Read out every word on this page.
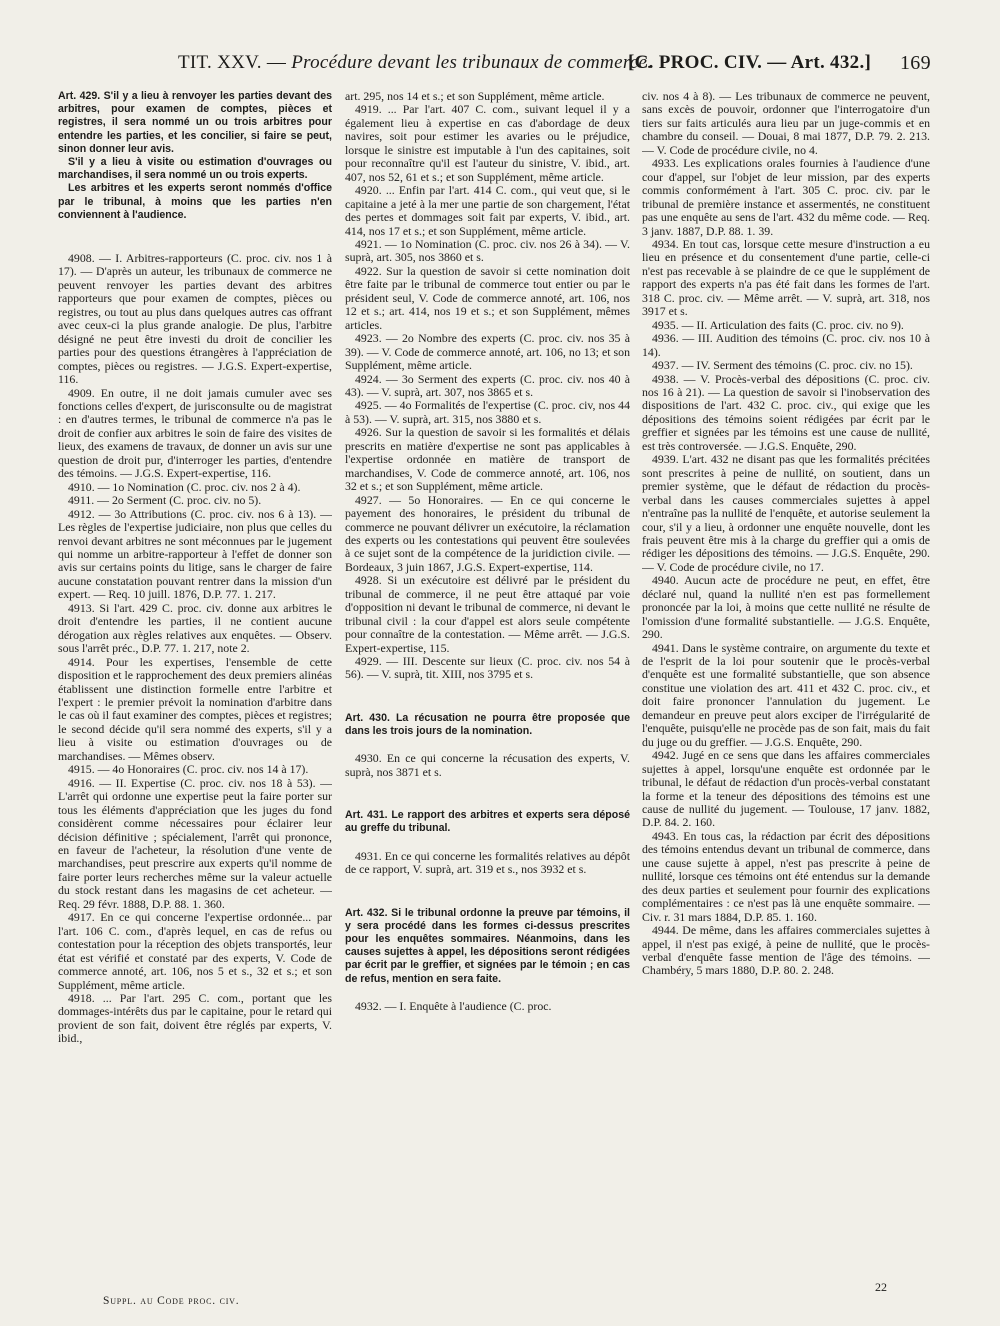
TIT. XXV. — Procédure devant les tribunaux de commerce.
[C. PROC. CIV. — Art. 432.] 169

Art. 429. S'il y a lieu à renvoyer les parties devant des arbitres, pour examen de comptes, pièces et registres, il sera nommé un ou trois arbitres pour entendre les parties, et les concilier, si faire se peut, sinon donner leur avis.

S'il y a lieu à visite ou estimation d'ouvrages ou marchandises, il sera nommé un ou trois experts.

Les arbitres et les experts seront nommés d'office par le tribunal, à moins que les parties n'en conviennent à l'audience.

4908. — I. Arbitres-rapporteurs (C. proc. civ. nos 1 à 17). — D'après un auteur, les tribunaux de commerce ne peuvent renvoyer les parties devant des arbitres rapporteurs que pour examen de comptes, pièces ou registres, ou tout au plus dans quelques autres cas offrant avec ceux-ci la plus grande analogie. De plus, l'arbitre désigné ne peut être investi du droit de concilier les parties pour des questions étrangères à l'appréciation de comptes, pièces ou registres. — J.G.S. Expert-expertise, 116.

4909. En outre, il ne doit jamais cumuler avec ses fonctions celles d'expert, de jurisconsulte ou de magistrat : en d'autres termes, le tribunal de commerce n'a pas le droit de confier aux arbitres le soin de faire des visites de lieux, des examens de travaux, de donner un avis sur une question de droit pur, d'interroger les parties, d'entendre des témoins. — J.G.S. Expert-expertise, 116.

4910. — 1o Nomination (C. proc. civ. nos 2 à 4).

4911. — 2o Serment (C. proc. civ. no 5).

4912. — 3o Attributions (C. proc. civ. nos 6 à 13). — Les règles de l'expertise judiciaire, non plus que celles du renvoi devant arbitres ne sont méconnues par le jugement qui nomme un arbitre-rapporteur à l'effet de donner son avis sur certains points du litige, sans le charger de faire aucune constatation pouvant rentrer dans la mission d'un expert. — Req. 10 juill. 1876, D.P. 77. 1. 217.

4913. Si l'art. 429 C. proc. civ. donne aux arbitres le droit d'entendre les parties, il ne contient aucune dérogation aux règles relatives aux enquêtes. — Observ. sous l'arrêt préc., D.P. 77. 1. 217, note 2.

4914. Pour les expertises, l'ensemble de cette disposition et le rapprochement des deux premiers alinéas établissent une distinction formelle entre l'arbitre et l'expert : le premier prévoit la nomination d'arbitre dans le cas où il faut examiner des comptes, pièces et registres; le second décide qu'il sera nommé des experts, s'il y a lieu à visite ou estimation d'ouvrages ou de marchandises. — Mêmes observ.

4915. — 4o Honoraires (C. proc. civ. nos 14 à 17).

4916. — II. Expertise (C. proc. civ. nos 18 à 53). — L'arrêt qui ordonne une expertise peut la faire porter sur tous les éléments d'appréciation que les juges du fond considèrent comme nécessaires pour éclairer leur décision définitive ; spécialement, l'arrêt qui prononce, en faveur de l'acheteur, la résolution d'une vente de marchandises, peut prescrire aux experts qu'il nomme de faire porter leurs recherches même sur la valeur actuelle du stock restant dans les magasins de cet acheteur. — Req. 29 févr. 1888, D.P. 88. 1. 360.

4917. En ce qui concerne l'expertise ordonnée... par l'art. 106 C. com., d'après lequel, en cas de refus ou contestation pour la réception des objets transportés, leur état est vérifié et constaté par des experts, V. Code de commerce annoté, art. 106, nos 5 et s., 32 et s.; et son Supplément, même article.

4918. ... Par l'art. 295 C. com., portant que les dommages-intérêts dus par le capitaine, pour le retard qui provient de son fait, doivent être réglés par experts, V. ibid.,

art. 295, nos 14 et s.; et son Supplément, même article.

4919. ... Par l'art. 407 C. com., suivant lequel il y a également lieu à expertise en cas d'abordage de deux navires, soit pour estimer les avaries ou le préjudice, lorsque le sinistre est imputable à l'un des capitaines, soit pour reconnaître qu'il est l'auteur du sinistre, V. ibid., art. 407, nos 52, 61 et s.; et son Supplément, même article.

4920. ... Enfin par l'art. 414 C. com., qui veut que, si le capitaine a jeté à la mer une partie de son chargement, l'état des pertes et dommages soit fait par experts, V. ibid., art. 414, nos 17 et s.; et son Supplément, même article.

4921. — 1o Nomination (C. proc. civ. nos 26 à 34). — V. suprà, art. 305, nos 3860 et s.

4922. Sur la question de savoir si cette nomination doit être faite par le tribunal de commerce tout entier ou par le président seul, V. Code de commerce annoté, art. 106, nos 12 et s.; art. 414, nos 19 et s.; et son Supplément, mêmes articles.

4923. — 2o Nombre des experts (C. proc. civ. nos 35 à 39). — V. Code de commerce annoté, art. 106, no 13; et son Supplément, même article.

4924. — 3o Serment des experts (C. proc. civ. nos 40 à 43). — V. suprà, art. 307, nos 3865 et s.

4925. — 4o Formalités de l'expertise (C. proc. civ, nos 44 à 53). — V. suprà, art. 315, nos 3880 et s.

4926. Sur la question de savoir si les formalités et délais prescrits en matière d'expertise ne sont pas applicables à l'expertise ordonnée en matière de transport de marchandises, V. Code de commerce annoté, art. 106, nos 32 et s.; et son Supplément, même article.

4927. — 5o Honoraires. — En ce qui concerne le payement des honoraires, le président du tribunal de commerce ne pouvant délivrer un exécutoire, la réclamation des experts ou les contestations qui peuvent être soulevées à ce sujet sont de la compétence de la juridiction civile. — Bordeaux, 3 juin 1867, J.G.S. Expert-expertise, 114.

4928. Si un exécutoire est délivré par le président du tribunal de commerce, il ne peut être attaqué par voie d'opposition ni devant le tribunal de commerce, ni devant le tribunal civil : la cour d'appel est alors seule compétente pour connaître de la contestation. — Même arrêt. — J.G.S. Expert-expertise, 115.

4929. — III. Descente sur lieux (C. proc. civ. nos 54 à 56). — V. suprà, tit. XIII, nos 3795 et s.

Art. 430. La récusation ne pourra être proposée que dans les trois jours de la nomination.

4930. En ce qui concerne la récusation des experts, V. suprà, nos 3871 et s.

Art. 431. Le rapport des arbitres et experts sera déposé au greffe du tribunal.

4931. En ce qui concerne les formalités relatives au dépôt de ce rapport, V. suprà, art. 319 et s., nos 3932 et s.

Art. 432. Si le tribunal ordonne la preuve par témoins, il y sera procédé dans les formes ci-dessus prescrites pour les enquêtes sommaires. Néanmoins, dans les causes sujettes à appel, les dépositions seront rédigées par écrit par le greffier, et signées par le témoin ; en cas de refus, mention en sera faite.

4932. — I. Enquête à l'audience (C. proc.

civ. nos 4 à 8). — Les tribunaux de commerce ne peuvent, sans excès de pouvoir, ordonner que l'interrogatoire d'un tiers sur faits articulés aura lieu par un juge-commis et en chambre du conseil. — Douai, 8 mai 1877, D.P. 79. 2. 213. — V. Code de procédure civile, no 4.

4933. Les explications orales fournies à l'audience d'une cour d'appel, sur l'objet de leur mission, par des experts commis conformément à l'art. 305 C. proc. civ. par le tribunal de première instance et assermentés, ne constituent pas une enquête au sens de l'art. 432 du même code. — Req. 3 janv. 1887, D.P. 88. 1. 39.

4934. En tout cas, lorsque cette mesure d'instruction a eu lieu en présence et du consentement d'une partie, celle-ci n'est pas recevable à se plaindre de ce que le supplément de rapport des experts n'a pas été fait dans les formes de l'art. 318 C. proc. civ. — Même arrêt. — V. suprà, art. 318, nos 3917 et s.

4935. — II. Articulation des faits (C. proc. civ. no 9).

4936. — III. Audition des témoins (C. proc. civ. nos 10 à 14).

4937. — IV. Serment des témoins (C. proc. civ. no 15).

4938. — V. Procès-verbal des dépositions (C. proc. civ. nos 16 à 21). — La question de savoir si l'inobservation des dispositions de l'art. 432 C. proc. civ., qui exige que les dépositions des témoins soient rédigées par écrit par le greffier et signées par les témoins est une cause de nullité, est très controversée. — J.G.S. Enquête, 290.

4939. L'art. 432 ne disant pas que les formalités précitées sont prescrites à peine de nullité, on soutient, dans un premier système, que le défaut de rédaction du procès-verbal dans les causes commerciales sujettes à appel n'entraîne pas la nullité de l'enquête, et autorise seulement la cour, s'il y a lieu, à ordonner une enquête nouvelle, dont les frais peuvent être mis à la charge du greffier qui a omis de rédiger les dépositions des témoins. — J.G.S. Enquête, 290. — V. Code de procédure civile, no 17.

4940. Aucun acte de procédure ne peut, en effet, être déclaré nul, quand la nullité n'en est pas formellement prononcée par la loi, à moins que cette nullité ne résulte de l'omission d'une formalité substantielle. — J.G.S. Enquête, 290.

4941. Dans le système contraire, on argumente du texte et de l'esprit de la loi pour soutenir que le procès-verbal d'enquête est une formalité substantielle, que son absence constitue une violation des art. 411 et 432 C. proc. civ., et doit faire prononcer l'annulation du jugement. Le demandeur en preuve peut alors exciper de l'irrégularité de l'enquête, puisqu'elle ne procède pas de son fait, mais du fait du juge ou du greffier. — J.G.S. Enquête, 290.

4942. Jugé en ce sens que dans les affaires commerciales sujettes à appel, lorsqu'une enquête est ordonnée par le tribunal, le défaut de rédaction d'un procès-verbal constatant la forme et la teneur des dépositions des témoins est une cause de nullité du jugement. — Toulouse, 17 janv. 1882, D.P. 84. 2. 160.

4943. En tous cas, la rédaction par écrit des dépositions des témoins entendus devant un tribunal de commerce, dans une cause sujette à appel, n'est pas prescrite à peine de nullité, lorsque ces témoins ont été entendus sur la demande des deux parties et seulement pour fournir des explications complémentaires : ce n'est pas là une enquête sommaire. — Civ. r. 31 mars 1884, D.P. 85. 1. 160.

4944. De même, dans les affaires commerciales sujettes à appel, il n'est pas exigé, à peine de nullité, que le procès-verbal d'enquête fasse mention de l'âge des témoins. — Chambéry, 5 mars 1880, D.P. 80. 2. 248.

Suppl. au Code proc. civ.
22
